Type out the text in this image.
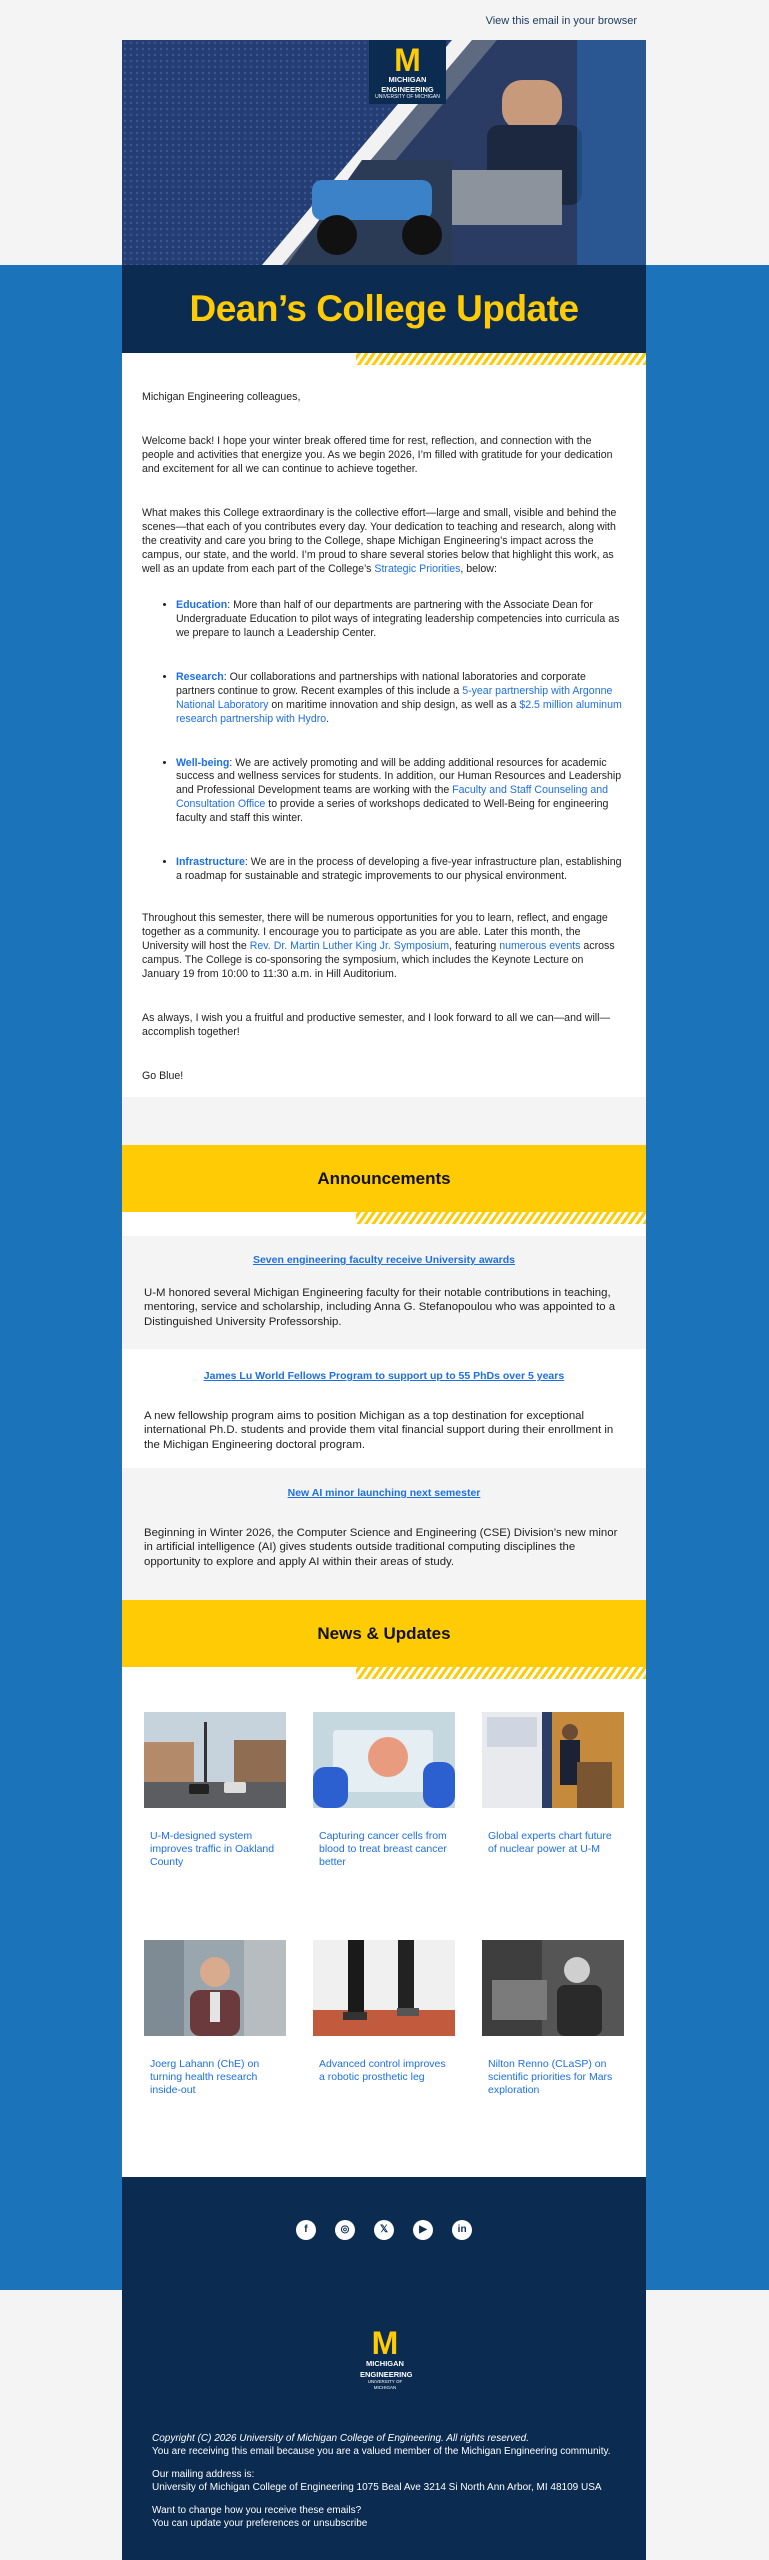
View this email in your browser
M
MICHIGAN
ENGINEERING
UNIVERSITY OF MICHIGAN
Dean’s College Update

Michigan Engineering colleagues,

Welcome back! I hope your winter break offered time for rest, reflection, and connection with the people and activities that energize you. As we begin 2026, I’m filled with gratitude for your dedication and excitement for all we can continue to achieve together.

What makes this College extraordinary is the collective effort—large and small, visible and behind the scenes—that each of you contributes every day. Your dedication to teaching and research, along with the creativity and care you bring to the College, shape Michigan Engineering’s impact across the campus, our state, and the world. I’m proud to share several stories below that highlight this work, as well as an update from each part of the College’s Strategic Priorities, below:

• Education: More than half of our departments are partnering with the Associate Dean for Undergraduate Education to pilot ways of integrating leadership competencies into curricula as we prepare to launch a Leadership Center.
• Research: Our collaborations and partnerships with national laboratories and corporate partners continue to grow. Recent examples of this include a 5-year partnership with Argonne National Laboratory on maritime innovation and ship design, as well as a $2.5 million aluminum research partnership with Hydro.
• Well-being: We are actively promoting and will be adding additional resources for academic success and wellness services for students. In addition, our Human Resources and Leadership and Professional Development teams are working with the Faculty and Staff Counseling and Consultation Office to provide a series of workshops dedicated to Well-Being for engineering faculty and staff this winter.
• Infrastructure: We are in the process of developing a five-year infrastructure plan, establishing a roadmap for sustainable and strategic improvements to our physical environment.

Throughout this semester, there will be numerous opportunities for you to learn, reflect, and engage together as a community. I encourage you to participate as you are able. Later this month, the University will host the Rev. Dr. Martin Luther King Jr. Symposium, featuring numerous events across campus. The College is co-sponsoring the symposium, which includes the Keynote Lecture on January 19 from 10:00 to 11:30 a.m. in Hill Auditorium.

As always, I wish you a fruitful and productive semester, and I look forward to all we can—and will—accomplish together!

Go Blue!

Announcements
Seven engineering faculty receive University awards

U-M honored several Michigan Engineering faculty for their notable contributions in teaching, mentoring, service and scholarship, including Anna G. Stefanopoulou who was appointed to a Distinguished University Professorship.

James Lu World Fellows Program to support up to 55 PhDs over 5 years

A new fellowship program aims to position Michigan as a top destination for exceptional international Ph.D. students and provide them vital financial support during their enrollment in the Michigan Engineering doctoral program.

New AI minor launching next semester

Beginning in Winter 2026, the Computer Science and Engineering (CSE) Division’s new minor in artificial intelligence (AI) gives students outside traditional computing disciplines the opportunity to explore and apply AI within their areas of study.

News & Updates
U-M-designed system improves traffic in Oakland County
Capturing cancer cells from blood to treat breast cancer better
Global experts chart future of nuclear power at U-M
Joerg Lahann (ChE) on turning health research inside-out
Advanced control improves a robotic prosthetic leg
Nilton Renno (CLaSP) on scientific priorities for Mars exploration
f	◎	𝕏	▶	in
M
MICHIGAN
ENGINEERING
UNIVERSITY OF MICHIGAN
Copyright (C) 2026 University of Michigan College of Engineering. All rights reserved.
You are receiving this email because you are a valued member of the Michigan Engineering community.
Our mailing address is:
University of Michigan College of Engineering 1075 Beal Ave 3214 Si North Ann Arbor, MI 48109 USA
Want to change how you receive these emails?
You can update your preferences or unsubscribe
